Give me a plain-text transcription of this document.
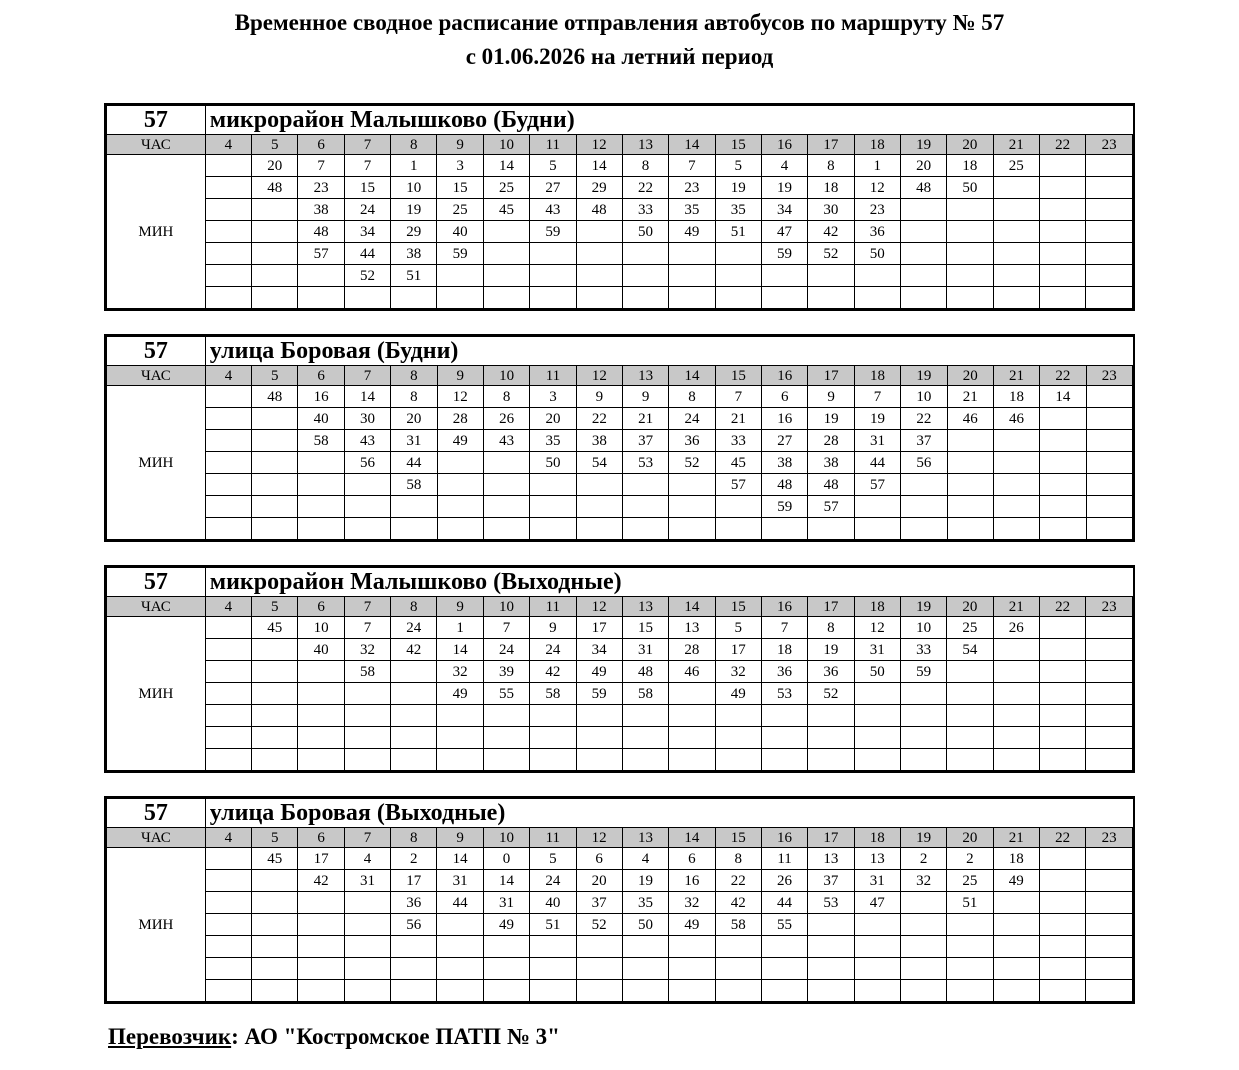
Временное сводное расписание отправления автобусов по маршруту № 57
с 01.06.2026 на летний период
57	микрорайон Малышково (Будни)																			
ЧАС	4	5	6	7	8	9	10	11	12	13	14	15	16	17	18	19	20	21	22	23
МИН		20	7	7	1	3	14	5	14	8	7	5	4	8	1	20	18	25		
		48	23	15	10	15	25	27	29	22	23	19	19	18	12	48	50			
			38	24	19	25	45	43	48	33	35	35	34	30	23					
			48	34	29	40		59		50	49	51	47	42	36					
			57	44	38	59							59	52	50					
				52	51															

57	улица Боровая (Будни)																			
ЧАС	4	5	6	7	8	9	10	11	12	13	14	15	16	17	18	19	20	21	22	23
МИН		48	16	14	8	12	8	3	9	9	8	7	6	9	7	10	21	18	14	
			40	30	20	28	26	20	22	21	24	21	16	19	19	22	46	46		
			58	43	31	49	43	35	38	37	36	33	27	28	31	37				
				56	44			50	54	53	52	45	38	38	44	56				
					58							57	48	48	57					
													59	57						

57	микрорайон Малышково (Выходные)																			
ЧАС	4	5	6	7	8	9	10	11	12	13	14	15	16	17	18	19	20	21	22	23
МИН		45	10	7	24	1	7	9	17	15	13	5	7	8	12	10	25	26		
			40	32	42	14	24	24	34	31	28	17	18	19	31	33	54			
				58		32	39	42	49	48	46	32	36	36	50	59				
						49	55	58	59	58		49	53	52						

57	улица Боровая (Выходные)																			
ЧАС	4	5	6	7	8	9	10	11	12	13	14	15	16	17	18	19	20	21	22	23
МИН		45	17	4	2	14	0	5	6	4	6	8	11	13	13	2	2	18		
			42	31	17	31	14	24	20	19	16	22	26	37	31	32	25	49		
					36	44	31	40	37	35	32	42	44	53	47		51			
					56		49	51	52	50	49	58	55							

Перевозчик: АО "Костромское ПАТП № 3"
